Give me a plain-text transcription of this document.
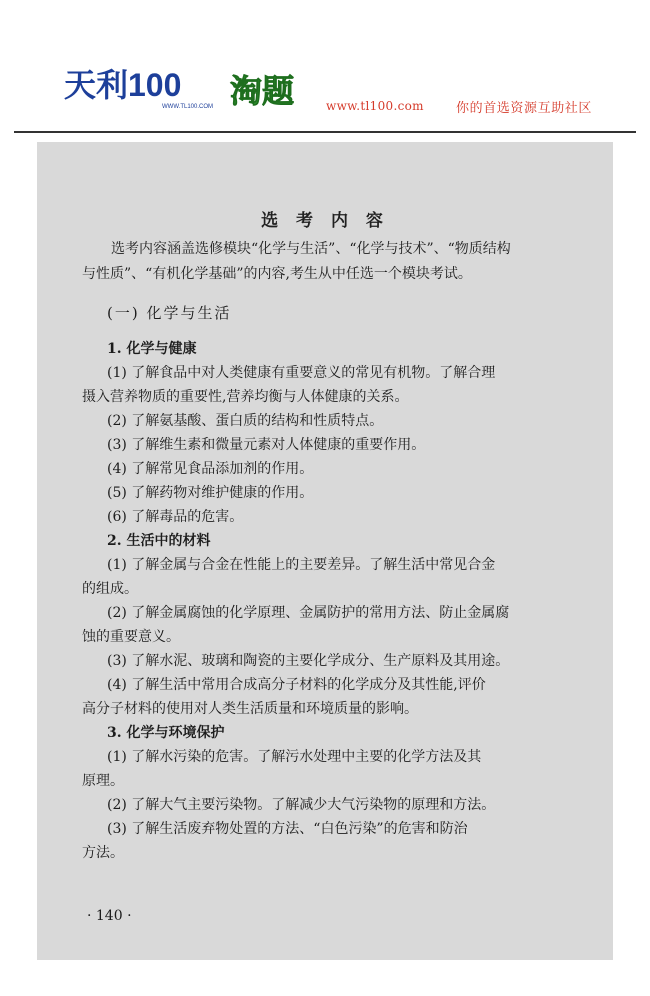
天利100
WWW.TL100.COM 淘题	www.tl100.com 你的首选资源互助社区
选 考 内 容
选考内容涵盖选修模块“化学与生活”、“化学与技术”、“物质结构
与性质”、“有机化学基础”的内容,考生从中任选一个模块考试。
(一) 化学与生活
1. 化学与健康
(1) 了解食品中对人类健康有重要意义的常见有机物。了解合理
摄入营养物质的重要性,营养均衡与人体健康的关系。
(2) 了解氨基酸、蛋白质的结构和性质特点。
(3) 了解维生素和微量元素对人体健康的重要作用。
(4) 了解常见食品添加剂的作用。
(5) 了解药物对维护健康的作用。
(6) 了解毒品的危害。
2. 生活中的材料
(1) 了解金属与合金在性能上的主要差异。了解生活中常见合金
的组成。
(2) 了解金属腐蚀的化学原理、金属防护的常用方法、防止金属腐
蚀的重要意义。
(3) 了解水泥、玻璃和陶瓷的主要化学成分、生产原料及其用途。
(4) 了解生活中常用合成高分子材料的化学成分及其性能,评价
高分子材料的使用对人类生活质量和环境质量的影响。
3. 化学与环境保护
(1) 了解水污染的危害。了解污水处理中主要的化学方法及其
原理。
(2) 了解大气主要污染物。了解减少大气污染物的原理和方法。
(3) 了解生活废弃物处置的方法、“白色污染”的危害和防治
方法。
· 140 ·
